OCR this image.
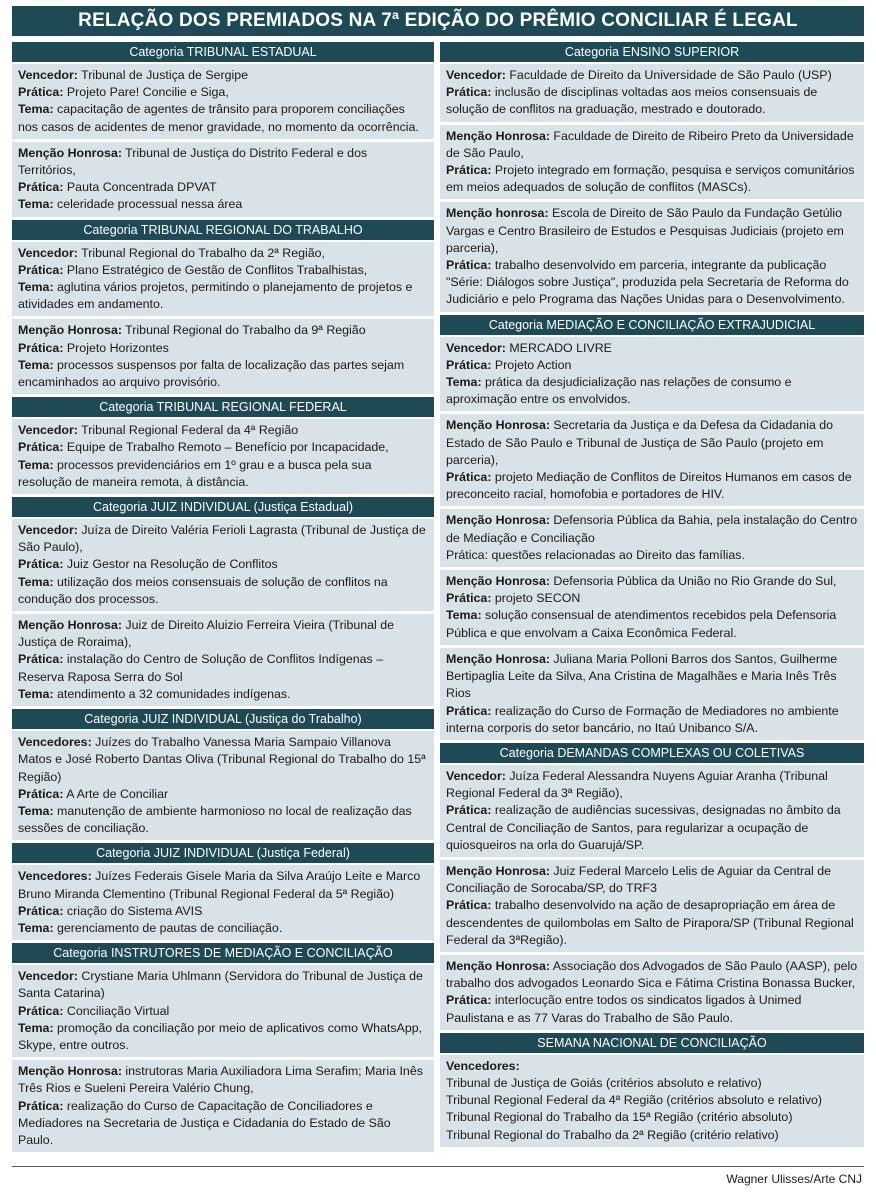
RELAÇÃO DOS PREMIADOS NA 7ª EDIÇÃO DO PRÊMIO CONCILIAR É LEGAL
Categoria TRIBUNAL ESTADUAL

Vencedor: Tribunal de Justiça de Sergipe

Prática: Projeto Pare! Concilie e Siga,

Tema: capacitação de agentes de trânsito para proporem conciliações nos casos de acidentes de menor gravidade, no momento da ocorrência.

Menção Honrosa: Tribunal de Justiça do Distrito Federal e dos Territórios,

Prática: Pauta Concentrada DPVAT

Tema: celeridade processual nessa área

Categoria TRIBUNAL REGIONAL DO TRABALHO

Vencedor: Tribunal Regional do Trabalho da 2ª Região,

Prática: Plano Estratégico de Gestão de Conflitos Trabalhistas,

Tema: aglutina vários projetos, permitindo o planejamento de projetos e atividades em andamento.

Menção Honrosa: Tribunal Regional do Trabalho da 9ª Região

Prática: Projeto Horizontes

Tema: processos suspensos por falta de localização das partes sejam encaminhados ao arquivo provisório.

Categoria TRIBUNAL REGIONAL FEDERAL

Vencedor: Tribunal Regional Federal da 4ª Região

Prática: Equipe de Trabalho Remoto – Benefício por Incapacidade,

Tema: processos previdenciários em 1º grau e a busca pela sua resolução de maneira remota, à distância.

Categoria JUIZ INDIVIDUAL (Justiça Estadual)

Vencedor: Juíza de Direito Valéria Ferioli Lagrasta (Tribunal de Justiça de São Paulo),

Prática: Juiz Gestor na Resolução de Conflitos

Tema: utilização dos meios consensuais de solução de conflitos na condução dos processos.

Menção Honrosa: Juiz de Direito Aluizio Ferreira Vieira (Tribunal de Justiça de Roraima),

Prática: instalação do Centro de Solução de Conflitos Indígenas – Reserva Raposa Serra do Sol

Tema: atendimento a 32 comunidades indígenas.

Categoria JUIZ INDIVIDUAL (Justiça do Trabalho)

Vencedores: Juízes do Trabalho Vanessa Maria Sampaio Villanova Matos e José Roberto Dantas Oliva (Tribunal Regional do Trabalho do 15ª Região)

Prática: A Arte de Conciliar

Tema: manutenção de ambiente harmonioso no local de realização das sessões de conciliação.

Categoria JUIZ INDIVIDUAL (Justiça Federal)

Vencedores: Juízes Federais Gisele Maria da Silva Araújo Leite e Marco Bruno Miranda Clementino (Tribunal Regional Federal da 5ª Região)

Prática: criação do Sistema AVIS

Tema: gerenciamento de pautas de conciliação.

Categoria INSTRUTORES DE MEDIAÇÃO E CONCILIAÇÃO

Vencedor: Crystiane Maria Uhlmann (Servidora do Tribunal de Justiça de Santa Catarina)

Prática: Conciliação Virtual

Tema: promoção da conciliação por meio de aplicativos como WhatsApp, Skype, entre outros.

Menção Honrosa: instrutoras Maria Auxiliadora Lima Serafim; Maria Inês Três Rios e Sueleni Pereira Valério Chung,

Prática: realização do Curso de Capacitação de Conciliadores e Mediadores na Secretaria de Justiça e Cidadania do Estado de São Paulo.

Categoria ENSINO SUPERIOR

Vencedor: Faculdade de Direito da Universidade de São Paulo (USP)

Prática: inclusão de disciplinas voltadas aos meios consensuais de solução de conflitos na graduação, mestrado e doutorado.

Menção Honrosa: Faculdade de Direito de Ribeiro Preto da Universidade de São Paulo,

Prática: Projeto integrado em formação, pesquisa e serviços comunitários em meios adequados de solução de conflitos (MASCs).

Menção honrosa: Escola de Direito de São Paulo da Fundação Getúlio Vargas e Centro Brasileiro de Estudos e Pesquisas Judiciais (projeto em parceria),

Prática: trabalho desenvolvido em parceria, integrante da publicação "Série: Diálogos sobre Justiça", produzida pela Secretaria de Reforma do Judiciário e pelo Programa das Nações Unidas para o Desenvolvimento.

Categoria MEDIAÇÃO E CONCILIAÇÃO EXTRAJUDICIAL

Vencedor: MERCADO LIVRE

Prática: Projeto Action

Tema: prática da desjudicialização nas relações de consumo e aproximação entre os envolvidos.

Menção Honrosa: Secretaria da Justiça e da Defesa da Cidadania do Estado de São Paulo e Tribunal de Justiça de São Paulo (projeto em parceria),

Prática: projeto Mediação de Conflitos de Direitos Humanos em casos de preconceito racial, homofobia e portadores de HIV.

Menção Honrosa: Defensoria Pública da Bahia, pela instalação do Centro de Mediação e Conciliação

Prática: questões relacionadas ao Direito das famílias.

Menção Honrosa: Defensoria Pública da União no Rio Grande do Sul,

Prática: projeto SECON

Tema: solução consensual de atendimentos recebidos pela Defensoria Pública e que envolvam a Caixa Econômica Federal.

Menção Honrosa: Juliana Maria Polloni Barros dos Santos, Guilherme Bertipaglia Leite da Silva, Ana Cristina de Magalhães e Maria Inês Três Rios

Prática: realização do Curso de Formação de Mediadores no ambiente interna corporis do setor bancário, no Itaú Unibanco S/A.

Categoria DEMANDAS COMPLEXAS OU COLETIVAS

Vencedor: Juíza Federal Alessandra Nuyens Aguiar Aranha (Tribunal Regional Federal da 3ª Região),

Prática: realização de audiências sucessivas, designadas no âmbito da Central de Conciliação de Santos, para regularizar a ocupação de quiosqueiros na orla do Guarujá/SP.

Menção Honrosa: Juiz Federal Marcelo Lelis de Aguiar da Central de Conciliação de Sorocaba/SP, do TRF3

Prática: trabalho desenvolvido na ação de desapropriação em área de descendentes de quilombolas em Salto de Pirapora/SP (Tribunal Regional Federal da 3ªRegião).

Menção Honrosa: Associação dos Advogados de São Paulo (AASP), pelo trabalho dos advogados Leonardo Sica e Fátima Cristina Bonassa Bucker,

Prática: interlocução entre todos os sindicatos ligados à Unimed Paulistana e as 77 Varas do Trabalho de São Paulo.

SEMANA NACIONAL DE CONCILIAÇÃO

Vencedores:

Tribunal de Justiça de Goiás (critérios absoluto e relativo)

Tribunal Regional Federal da 4ª Região (critérios absoluto e relativo)

Tribunal Regional do Trabalho da 15ª Região (critério absoluto)

Tribunal Regional do Trabalho da 2ª Região (critério relativo)

Wagner Ulisses/Arte CNJ
